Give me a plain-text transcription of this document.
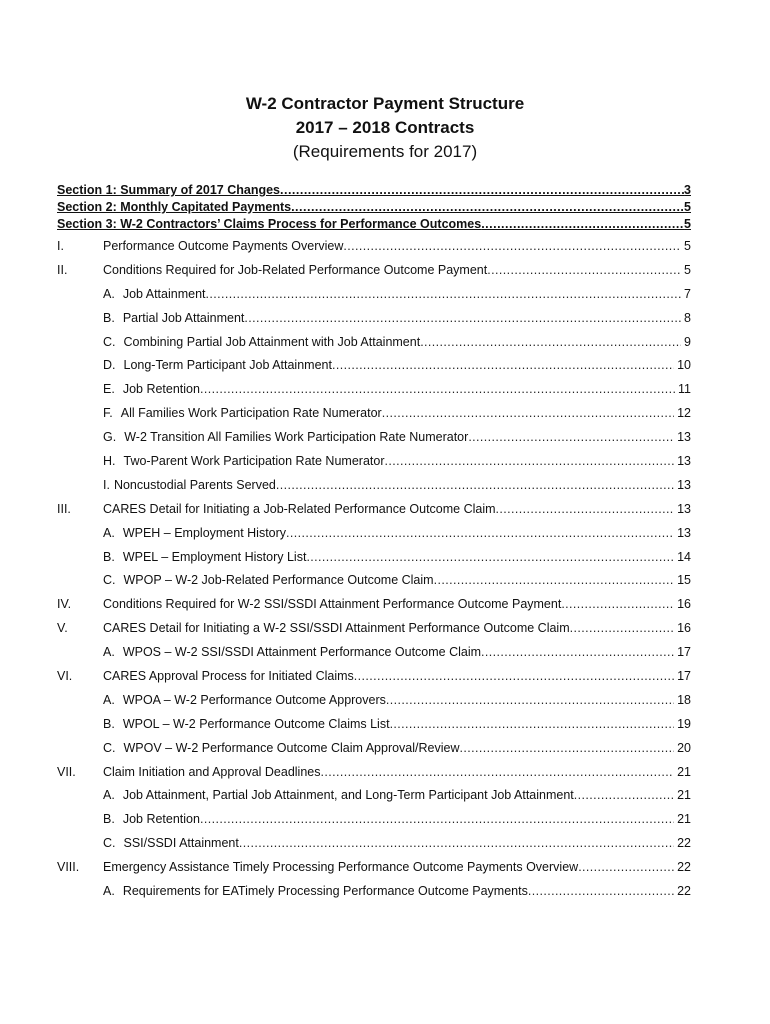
W-2 Contractor Payment Structure
2017 – 2018 Contracts
(Requirements for 2017)
Section 1: Summary of 2017 Changes .....	3
Section 2: Monthly Capitated Payments .....	5
Section 3: W-2 Contractors’ Claims Process for Performance Outcomes .....	5
I.	Performance Outcome Payments Overview .....	5
II.	Conditions Required for Job-Related Performance Outcome Payment .....	5
A. Job Attainment .....	7
B. Partial Job Attainment .....	8
C. Combining Partial Job Attainment with Job Attainment .....	9
D. Long-Term Participant Job Attainment .....	10
E. Job Retention .....	11
F. All Families Work Participation Rate Numerator .....	12
G. W-2 Transition All Families Work Participation Rate Numerator .....	13
H. Two-Parent Work Participation Rate Numerator .....	13
I. Noncustodial Parents Served .....	13
III.	CARES Detail for Initiating a Job-Related Performance Outcome Claim .....	13
A. WPEH – Employment History .....	13
B. WPEL – Employment History List .....	14
C. WPOP – W-2 Job-Related Performance Outcome Claim .....	15
IV.	Conditions Required for W-2 SSI/SSDI Attainment Performance Outcome Payment .....	16
V.	CARES Detail for Initiating a W-2 SSI/SSDI Attainment Performance Outcome Claim .....	16
A. WPOS – W-2 SSI/SSDI Attainment Performance Outcome Claim .....	17
VI.	CARES Approval Process for Initiated Claims .....	17
A. WPOA – W-2 Performance Outcome Approvers .....	18
B. WPOL – W-2 Performance Outcome Claims List .....	19
C. WPOV – W-2 Performance Outcome Claim Approval/Review .....	20
VII.	Claim Initiation and Approval Deadlines .....	21
A. Job Attainment, Partial Job Attainment, and Long-Term Participant Job Attainment .....	21
B. Job Retention .....	21
C. SSI/SSDI Attainment .....	22
VIII.	Emergency Assistance Timely Processing Performance Outcome Payments Overview .....	22
A. Requirements for EATimely Processing Performance Outcome Payments .....	22
